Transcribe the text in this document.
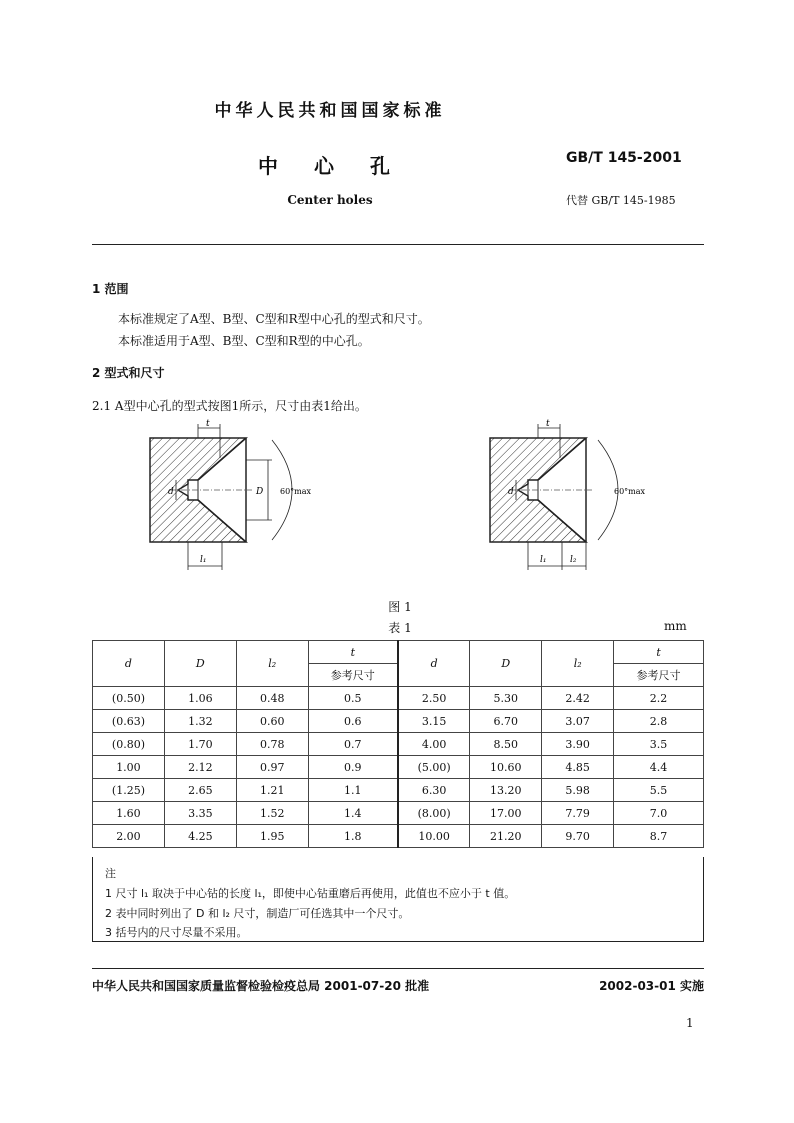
中华人民共和国国家标准
中心孔	GB/T 145-2001
Center holes	代替 GB/T 145-1985
1 范围
本标准规定了A型、B型、C型和R型中心孔的型式和尺寸。
本标准适用于A型、B型、C型和R型的中心孔。
2 型式和尺寸
2.1 A型中心孔的型式按图1所示，尺寸由表1给出。
t
d	D 60°max
l₁
t
d	60°max
l₁	l₂
图 1
表 1	mm
d	D	l₂	t	d	D	l₂	t
			参考尺寸				参考尺寸
(0.50)	1.06	0.48	0.5	2.50	5.30	2.42	2.2
(0.63)	1.32	0.60	0.6	3.15	6.70	3.07	2.8
(0.80)	1.70	0.78	0.7	4.00	8.50	3.90	3.5
1.00	2.12	0.97	0.9	(5.00)	10.60	4.85	4.4
(1.25)	2.65	1.21	1.1	6.30	13.20	5.98	5.5
1.60	3.35	1.52	1.4	(8.00)	17.00	7.79	7.0
2.00	4.25	1.95	1.8	10.00	21.20	9.70	8.7
注
1 尺寸 l₁ 取决于中心钻的长度 l₁，即使中心钻重磨后再使用，此值也不应小于 t 值。
2 表中同时列出了 D 和 l₂ 尺寸，制造厂可任选其中一个尺寸。
3 括号内的尺寸尽量不采用。
中华人民共和国国家质量监督检验检疫总局 2001-07-20 批准	2002-03-01 实施
1
